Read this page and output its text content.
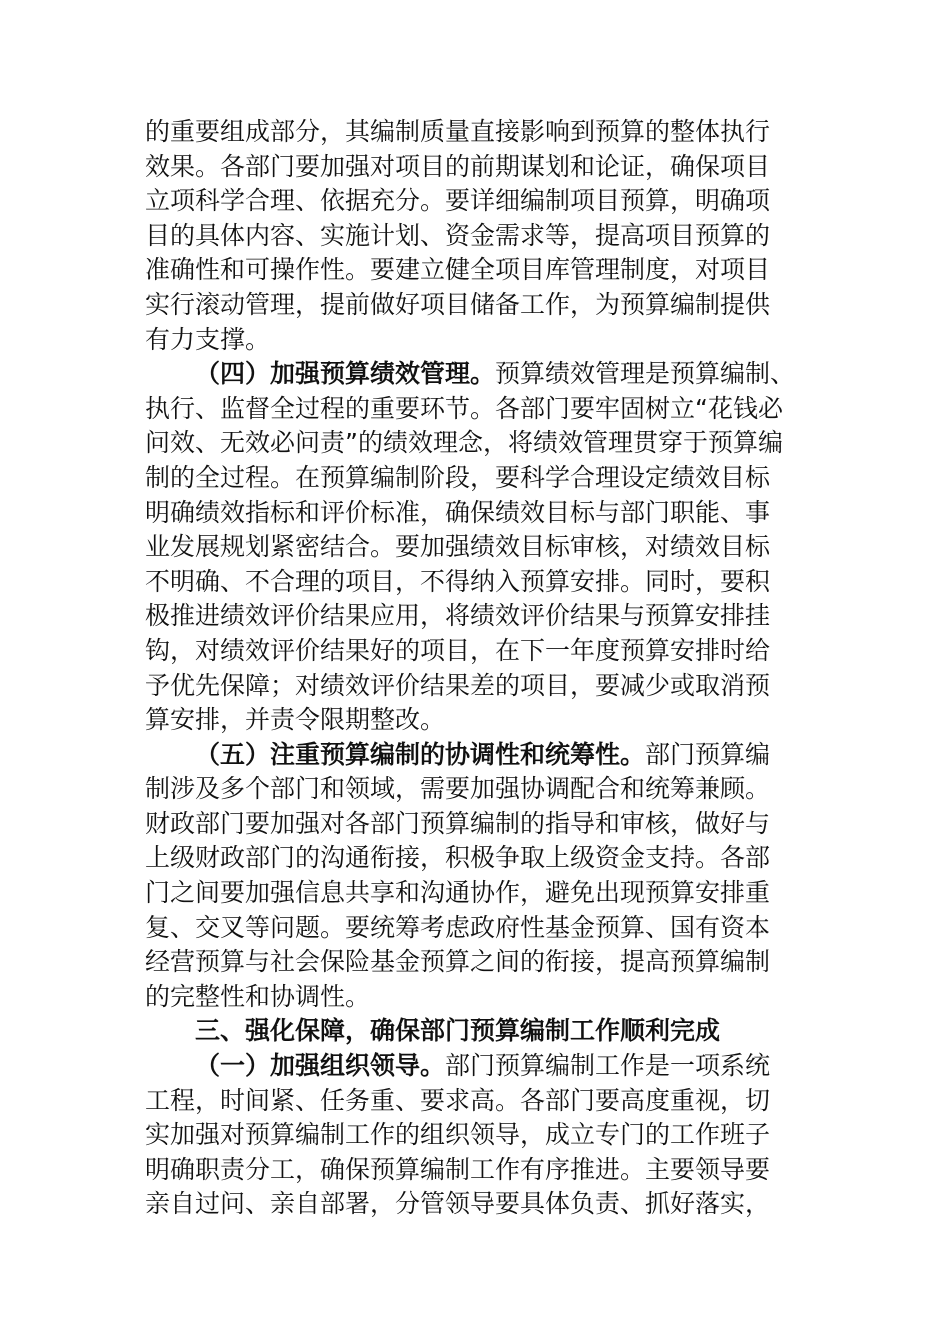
的重要组成部分，其编制质量直接影响到预算的整体执行
效果。各部门要加强对项目的前期谋划和论证，确保项目
立项科学合理、依据充分。要详细编制项目预算，明确项
目的具体内容、实施计划、资金需求等，提高项目预算的
准确性和可操作性。要建立健全项目库管理制度，对项目
实行滚动管理，提前做好项目储备工作，为预算编制提供
有力支撑。
（四）加强预算绩效管理。预算绩效管理是预算编制、
执行、监督全过程的重要环节。各部门要牢固树立“花钱必
问效、无效必问责”的绩效理念，将绩效管理贯穿于预算编
制的全过程。在预算编制阶段，要科学合理设定绩效目标
明确绩效指标和评价标准，确保绩效目标与部门职能、事
业发展规划紧密结合。要加强绩效目标审核，对绩效目标
不明确、不合理的项目，不得纳入预算安排。同时，要积
极推进绩效评价结果应用，将绩效评价结果与预算安排挂
钩，对绩效评价结果好的项目，在下一年度预算安排时给
予优先保障；对绩效评价结果差的项目，要减少或取消预
算安排，并责令限期整改。
（五）注重预算编制的协调性和统筹性。部门预算编
制涉及多个部门和领域，需要加强协调配合和统筹兼顾。
财政部门要加强对各部门预算编制的指导和审核，做好与
上级财政部门的沟通衔接，积极争取上级资金支持。各部
门之间要加强信息共享和沟通协作，避免出现预算安排重
复、交叉等问题。要统筹考虑政府性基金预算、国有资本
经营预算与社会保险基金预算之间的衔接，提高预算编制
的完整性和协调性。
三、强化保障，确保部门预算编制工作顺利完成
（一）加强组织领导。部门预算编制工作是一项系统
工程，时间紧、任务重、要求高。各部门要高度重视，切
实加强对预算编制工作的组织领导，成立专门的工作班子
明确职责分工，确保预算编制工作有序推进。主要领导要
亲自过问、亲自部署，分管领导要具体负责、抓好落实，
